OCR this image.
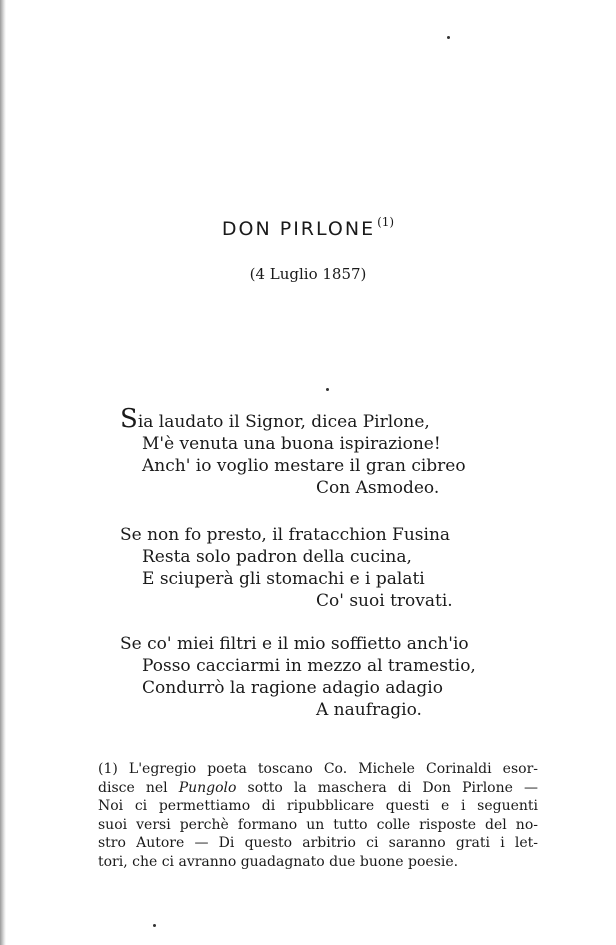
DON PIRLONE $^{(1)}$
(4 Luglio 1857)
Sia laudato il Signor, dicea Pirlone,
M'è venuta una buona ispirazione!
Anch' io voglio mestare il gran cibreo
Con Asmodeo.
Se non fo presto, il fratacchion Fusina
Resta solo padron della cucina,
E sciuperà gli stomachi e i palati
Co' suoi trovati.
Se co' miei filtri e il mio soffietto anch'io
Posso cacciarmi in mezzo al tramestio,
Condurrò la ragione adagio adagio
A naufragio.
(1) L'egregio poeta toscano Co. Michele Corinaldi esor-
disce nel Pungolo sotto la maschera di Don Pirlone —
Noi ci permettiamo di ripubblicare questi e i seguenti
suoi versi perchè formano un tutto colle risposte del no-
stro Autore — Di questo arbitrio ci saranno grati i let-
tori, che ci avranno guadagnato due buone poesie.
